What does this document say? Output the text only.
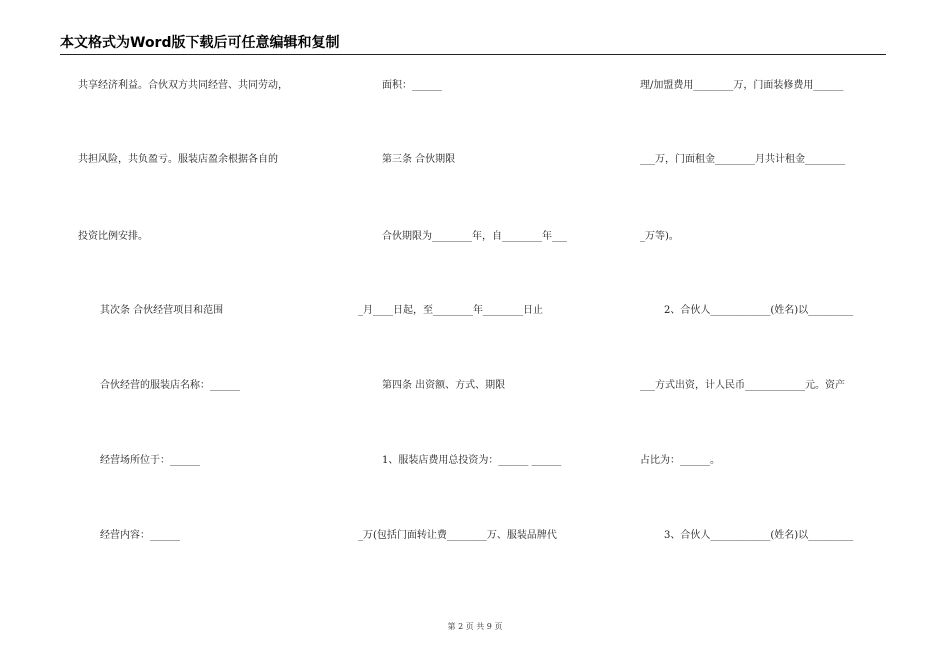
本文格式为Word版下载后可任意编辑和复制
共享经济利益。合伙双方共同经营、共同劳动，
共担风险，共负盈亏。服装店盈余根据各自的
投资比例安排。
其次条 合伙经营项目和范围
合伙经营的服装店名称：______
经营场所位于：______
经营内容：______
面积：______
第三条 合伙期限
合伙期限为________年，自________年___
_月____日起，至________年________日止
第四条 出资额、方式、期限
1、服装店费用总投资为：______ ______
_万(包括门面转让费________万、服装品牌代
理/加盟费用________万，门面装修费用______
___万，门面租金________月共计租金________
_万等)。
2、合伙人____________(姓名)以_________
___方式出资，计人民币____________元。资产
占比为：______。
3、合伙人____________(姓名)以_________
第 2 页 共 9 页
